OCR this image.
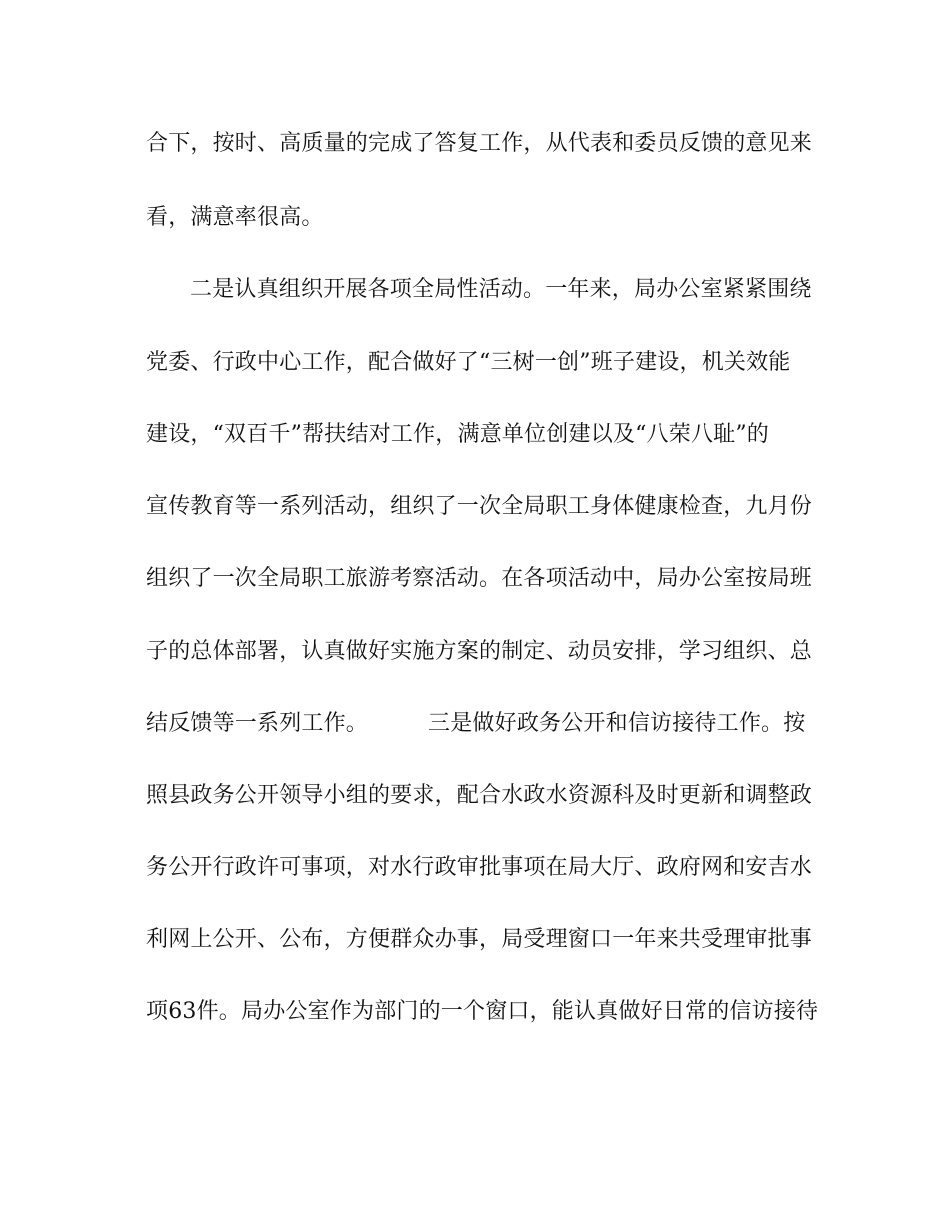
合下，按时、高质量的完成了答复工作，从代表和委员反馈的意见来
看，满意率很高。
二是认真组织开展各项全局性活动。一年来，局办公室紧紧围绕
党委、行政中心工作，配合做好了“三树一创”班子建设，机关效能
建设，“双百千”帮扶结对工作，满意单位创建以及“八荣八耻”的
宣传教育等一系列活动，组织了一次全局职工身体健康检查，九月份
组织了一次全局职工旅游考察活动。在各项活动中，局办公室按局班
子的总体部署，认真做好实施方案的制定、动员安排，学习组织、总
结反馈等一系列工作。	三是做好政务公开和信访接待工作。按
照县政务公开领导小组的要求，配合水政水资源科及时更新和调整政
务公开行政许可事项，对水行政审批事项在局大厅、政府网和安吉水
利网上公开、公布，方便群众办事，局受理窗口一年来共受理审批事
项63件。局办公室作为部门的一个窗口，能认真做好日常的信访接待
